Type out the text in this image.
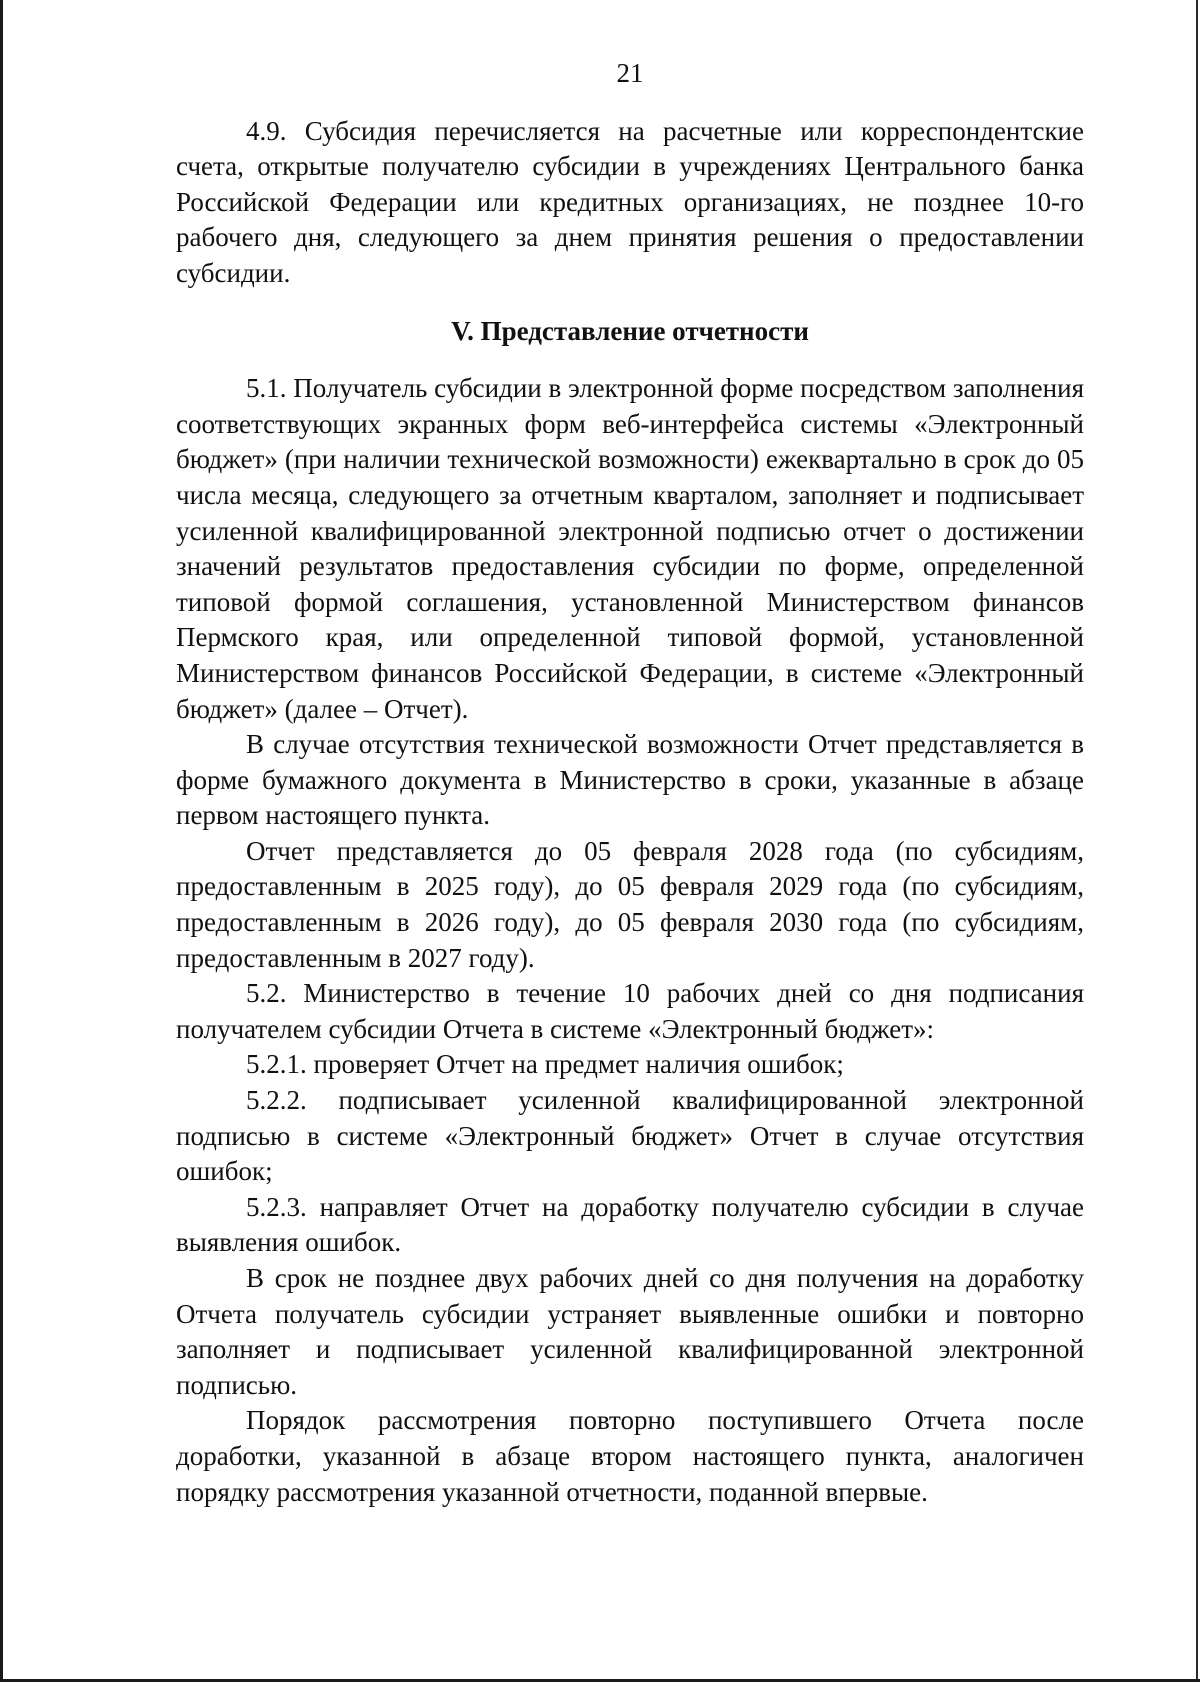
21

4.9. Субсидия перечисляется на расчетные или корреспондентские счета, открытые получателю субсидии в учреждениях Центрального банка Российской Федерации или кредитных организациях, не позднее 10-го рабочего дня, следующего за днем принятия решения о предоставлении субсидии.

V. Представление отчетности

5.1. Получатель субсидии в электронной форме посредством заполнения соответствующих экранных форм веб-интерфейса системы «Электронный бюджет» (при наличии технической возможности) ежеквартально в срок до 05 числа месяца, следующего за отчетным кварталом, заполняет и подписывает усиленной квалифицированной электронной подписью отчет о достижении значений результатов предоставления субсидии по форме, определенной типовой формой соглашения, установленной Министерством финансов Пермского края, или определенной типовой формой, установленной Министерством финансов Российской Федерации, в системе «Электронный бюджет» (далее – Отчет).

В случае отсутствия технической возможности Отчет представляется в форме бумажного документа в Министерство в сроки, указанные в абзаце первом настоящего пункта.

Отчет представляется до 05 февраля 2028 года (по субсидиям, предоставленным в 2025 году), до 05 февраля 2029 года (по субсидиям, предоставленным в 2026 году), до 05 февраля 2030 года (по субсидиям, предоставленным в 2027 году).

5.2. Министерство в течение 10 рабочих дней со дня подписания получателем субсидии Отчета в системе «Электронный бюджет»:

5.2.1. проверяет Отчет на предмет наличия ошибок;

5.2.2. подписывает усиленной квалифицированной электронной подписью в системе «Электронный бюджет» Отчет в случае отсутствия ошибок;

5.2.3. направляет Отчет на доработку получателю субсидии в случае выявления ошибок.

В срок не позднее двух рабочих дней со дня получения на доработку Отчета получатель субсидии устраняет выявленные ошибки и повторно заполняет и подписывает усиленной квалифицированной электронной подписью.

Порядок рассмотрения повторно поступившего Отчета после доработки, указанной в абзаце втором настоящего пункта, аналогичен порядку рассмотрения указанной отчетности, поданной впервые.
